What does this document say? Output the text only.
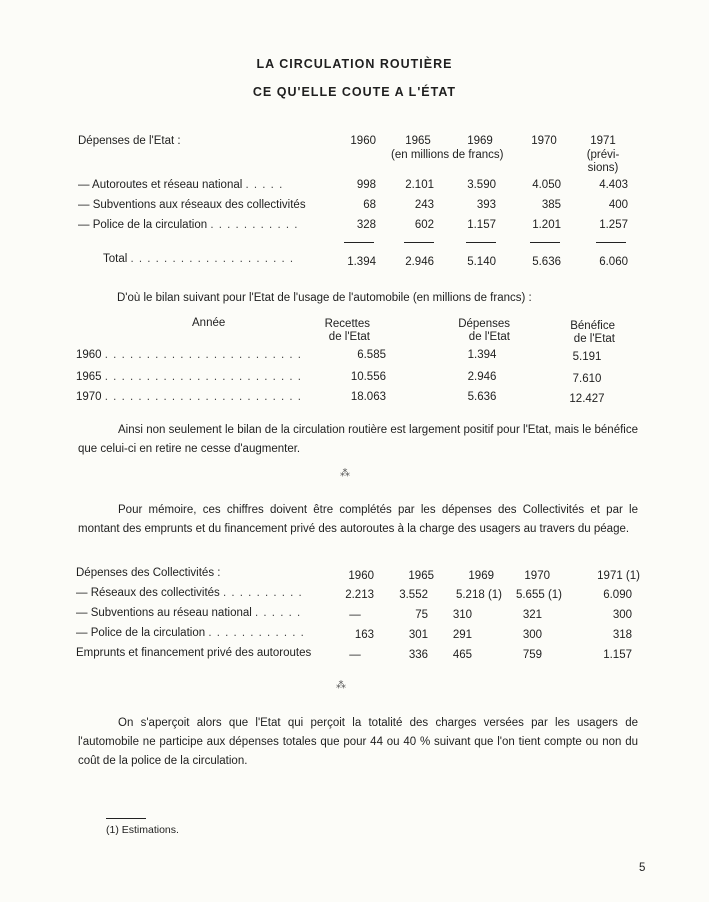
LA CIRCULATION ROUTIÈRE
CE QU'ELLE COUTE A L'ÉTAT
Dépenses de l'Etat :	1960	1965	1969	1970	1971
(en millions de francs)	(prévi-
sions)
— Autoroutes et réseau national . . . . .	998	2.101	3.590	4.050	4.403
— Subventions aux réseaux des collectivités	68	243	393	385	400
— Police de la circulation . . . . . . . . . . .	328	602	1.157	1.201	1.257
Total . . . . . . . . . . . . . . . . . . . .	1.394	2.946	5.140	5.636	6.060
D'où le bilan suivant pour l'Etat de l'usage de l'automobile (en millions de francs) :
Année	Recettes
de l'Etat
Dépenses
de l'Etat
Bénéfice
de l'Etat
1960 . . . . . . . . . . . . . . . . . . . . . . . .	6.585	1.394	5.191
1965 . . . . . . . . . . . . . . . . . . . . . . . .	10.556	2.946	7.610
1970 . . . . . . . . . . . . . . . . . . . . . . . .	18.063	5.636	12.427
Ainsi non seulement le bilan de la circulation routière est largement positif pour l'Etat, mais le bénéfice que celui-ci en retire ne cesse d'augmenter.
⁂
Pour mémoire, ces chiffres doivent être complétés par les dépenses des Collectivités et par le montant des emprunts et du financement privé des autoroutes à la charge des usagers au travers du péage.
Dépenses des Collectivités :	1960	1965	1969	1970	1971 (1)
— Réseaux des collectivités . . . . . . . . . .	2.213	3.552	5.218 (1)	5.655 (1)	6.090
— Subventions au réseau national . . . . . .	—	75	310	321	300
— Police de la circulation . . . . . . . . . . . .	163	301	291	300	318
Emprunts et financement privé des autoroutes	—	336	465	759	1.157
⁂
On s'aperçoit alors que l'Etat qui perçoit la totalité des charges versées par les usagers de l'automobile ne participe aux dépenses totales que pour 44 ou 40 % suivant que l'on tient compte ou non du coût de la police de la circulation.
(1) Estimations.
5
